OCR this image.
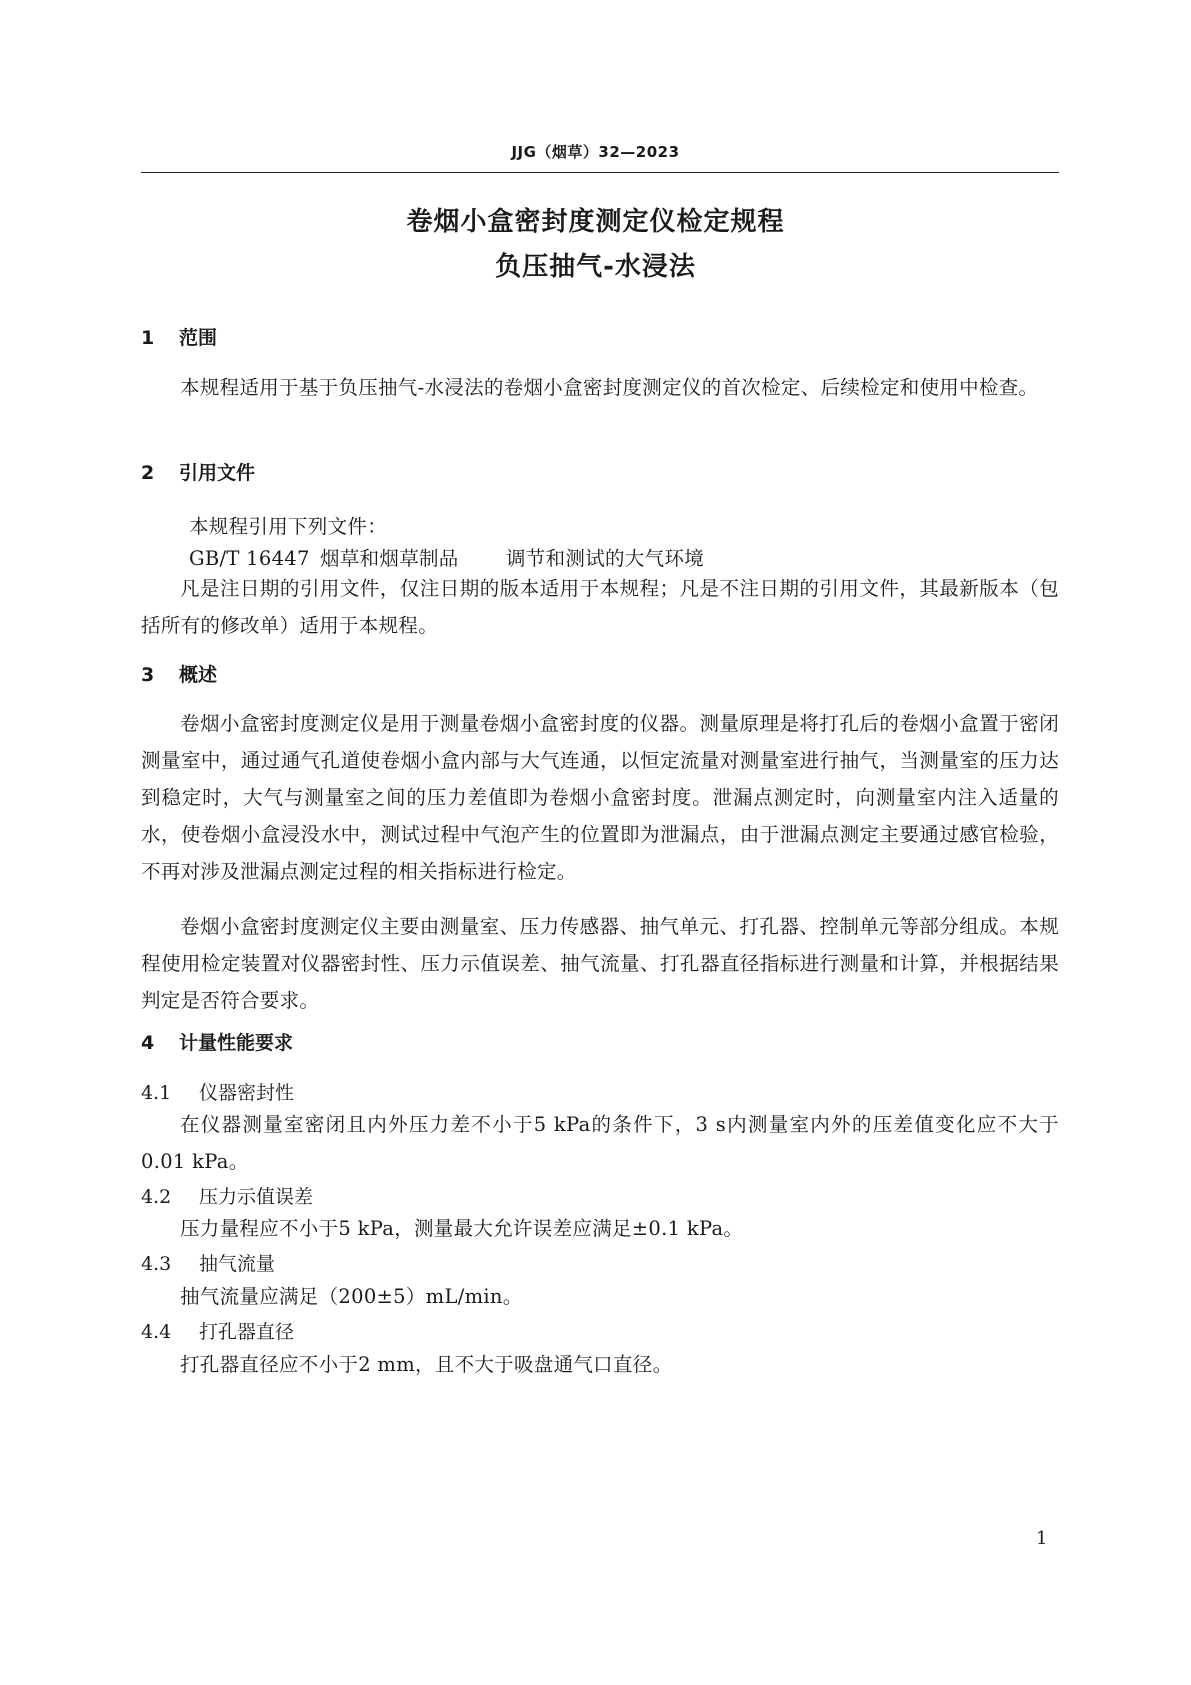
JJG（烟草）32—2023
卷烟小盒密封度测定仪检定规程
负压抽气-水浸法
1 范围
本规程适用于基于负压抽气-水浸法的卷烟小盒密封度测定仪的首次检定、后续检定和使用中检查。
2 引用文件
本规程引用下列文件：
GB/T 16447 烟草和烟草制品 调节和测试的大气环境
凡是注日期的引用文件，仅注日期的版本适用于本规程；凡是不注日期的引用文件，其最新版本（包括所有的修改单）适用于本规程。
3 概述
卷烟小盒密封度测定仪是用于测量卷烟小盒密封度的仪器。测量原理是将打孔后的卷烟小盒置于密闭测量室中，通过通气孔道使卷烟小盒内部与大气连通，以恒定流量对测量室进行抽气，当测量室的压力达到稳定时，大气与测量室之间的压力差值即为卷烟小盒密封度。泄漏点测定时，向测量室内注入适量的水，使卷烟小盒浸没水中，测试过程中气泡产生的位置即为泄漏点，由于泄漏点测定主要通过感官检验，不再对涉及泄漏点测定过程的相关指标进行检定。
卷烟小盒密封度测定仪主要由测量室、压力传感器、抽气单元、打孔器、控制单元等部分组成。本规程使用检定装置对仪器密封性、压力示值误差、抽气流量、打孔器直径指标进行测量和计算，并根据结果判定是否符合要求。
4 计量性能要求
4.1 仪器密封性
在仪器测量室密闭且内外压力差不小于5 kPa的条件下，3 s内测量室内外的压差值变化应不大于0.01 kPa。
4.2 压力示值误差
压力量程应不小于5 kPa，测量最大允许误差应满足±0.1 kPa。
4.3 抽气流量
抽气流量应满足（200±5）mL/min。
4.4 打孔器直径
打孔器直径应不小于2 mm，且不大于吸盘通气口直径。
1
